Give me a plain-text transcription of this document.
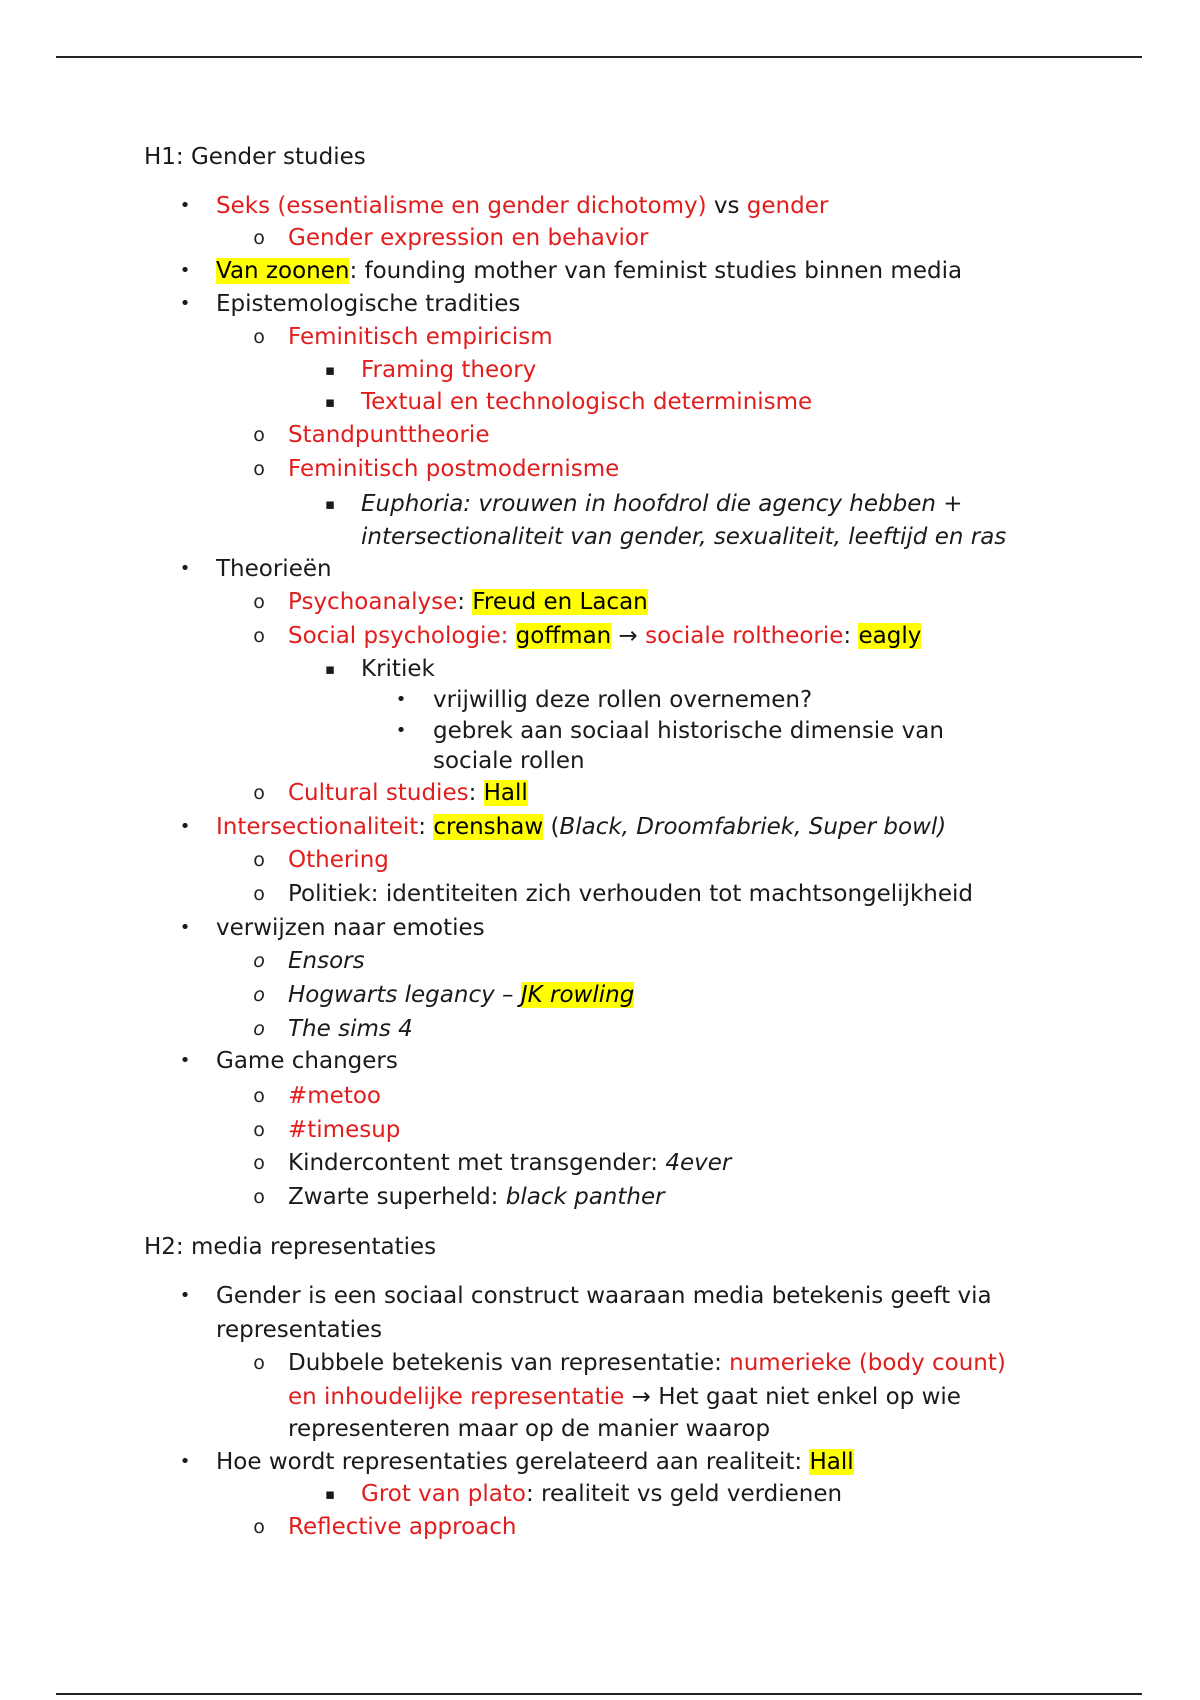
H1: Gender studies
• Seks (essentialisme en gender dichotomy) vs gender
o Gender expression en behavior
• Van zoonen: founding mother van feminist studies binnen media
• Epistemologische tradities
o Feminitisch empiricism
▪ Framing theory
▪ Textual en technologisch determinisme
o Standpunttheorie
o Feminitisch postmodernisme
▪ Euphoria: vrouwen in hoofdrol die agency hebben +
intersectionaliteit van gender, sexualiteit, leeftijd en ras
• Theorieën
o Psychoanalyse: Freud en Lacan
o Social psychologie: goffman → sociale roltheorie: eagly
▪ Kritiek
• vrijwillig deze rollen overnemen?
• gebrek aan sociaal historische dimensie van
sociale rollen
o Cultural studies: Hall
• Intersectionaliteit: crenshaw (Black, Droomfabriek, Super bowl)
o Othering
o Politiek: identiteiten zich verhouden tot machtsongelijkheid
• verwijzen naar emoties
o Ensors
o Hogwarts legancy – JK rowling
o The sims 4
• Game changers
o #metoo
o #timesup
o Kindercontent met transgender: 4ever
o Zwarte superheld: black panther
H2: media representaties
• Gender is een sociaal construct waaraan media betekenis geeft via
representaties
o Dubbele betekenis van representatie: numerieke (body count)
en inhoudelijke representatie → Het gaat niet enkel op wie
representeren maar op de manier waarop
• Hoe wordt representaties gerelateerd aan realiteit: Hall
▪ Grot van plato: realiteit vs geld verdienen
o Reflective approach
